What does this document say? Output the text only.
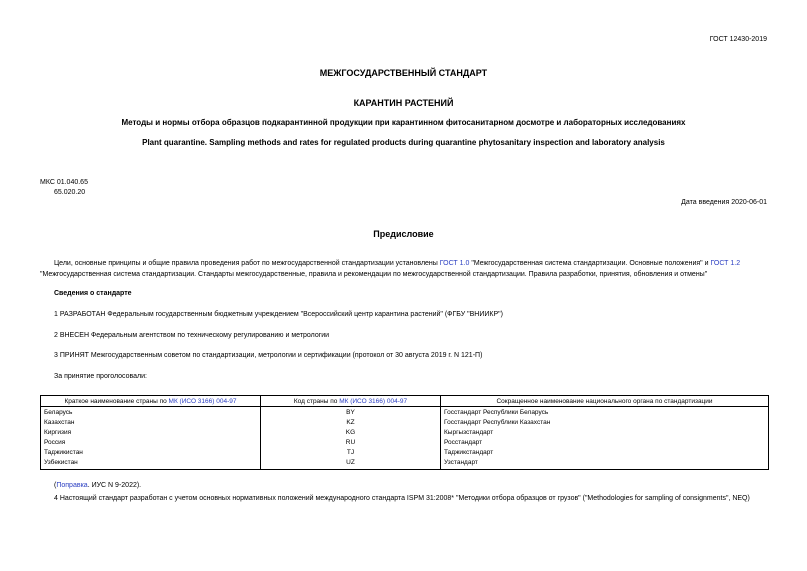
ГОСТ 12430-2019
МЕЖГОСУДАРСТВЕННЫЙ СТАНДАРТ
КАРАНТИН РАСТЕНИЙ
Методы и нормы отбора образцов подкарантинной продукции при карантинном фитосанитарном досмотре и лабораторных исследованиях
Plant quarantine. Sampling methods and rates for regulated products during quarantine phytosanitary inspection and laboratory analysis
МКС 01.040.65
65.020.20
Дата введения 2020-06-01
Предисловие
Цели, основные принципы и общие правила проведения работ по межгосударственной стандартизации установлены ГОСТ 1.0 "Межгосударственная система стандартизации. Основные положения" и ГОСТ 1.2 "Межгосударственная система стандартизации. Стандарты межгосударственные, правила и рекомендации по межгосударственной стандартизации. Правила разработки, принятия, обновления и отмены"
Сведения о стандарте
1 РАЗРАБОТАН Федеральным государственным бюджетным учреждением "Всероссийский центр карантина растений" (ФГБУ "ВНИИКР")
2 ВНЕСЕН Федеральным агентством по техническому регулированию и метрологии
3 ПРИНЯТ Межгосударственным советом по стандартизации, метрологии и сертификации (протокол от 30 августа 2019 г. N 121-П)
За принятие проголосовали:
Краткое наименование страны по МК (ИСО 3166) 004-97	Код страны по МК (ИСО 3166) 004-97	Сокращенное наименование национального органа по стандартизации
Беларусь	BY	Госстандарт Республики Беларусь
Казахстан	KZ	Госстандарт Республики Казахстан
Киргизия	KG	Кыргызстандарт
Россия	RU	Росстандарт
Таджикистан	TJ	Таджикстандарт
Узбекистан	UZ	Узстандарт
(Поправка. ИУС N 9-2022).
4 Настоящий стандарт разработан с учетом основных нормативных положений международного стандарта ISPM 31:2008* "Методики отбора образцов от грузов" ("Methodologies for sampling of consignments", NEQ)
